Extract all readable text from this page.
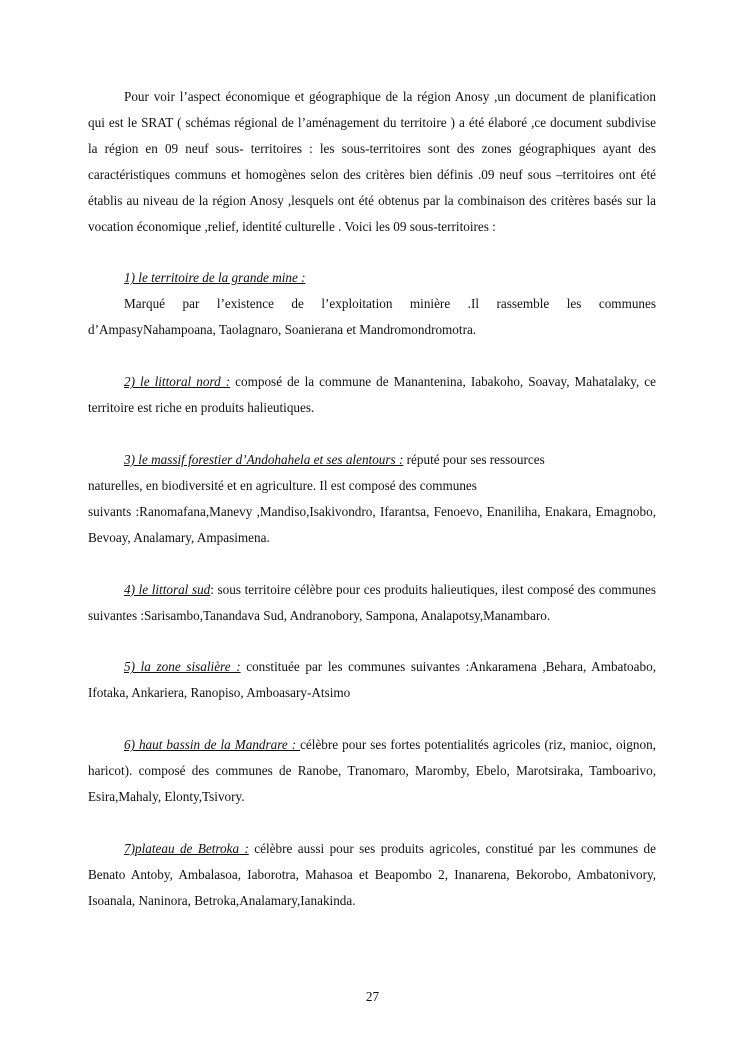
Pour voir l’aspect économique et géographique de la région Anosy ,un document de planification qui est le SRAT ( schémas régional de l’aménagement du territoire ) a été élaboré ,ce document subdivise la région en 09 neuf sous- territoires : les sous-territoires sont des zones géographiques ayant des caractéristiques communs et homogènes selon des critères bien définis .09 neuf sous –territoires ont été établis au niveau de la région Anosy ,lesquels ont été obtenus par la combinaison des critères basés sur la vocation économique ,relief, identité culturelle . Voici les 09 sous-territoires :

1) le territoire de la grande mine :

Marqué par l’existence de l’exploitation minière .Il rassemble les communes d’AmpasyNahampoana, Taolagnaro, Soanierana et Mandromondromotra.

2) le littoral nord : composé de la commune de Manantenina, Iabakoho, Soavay, Mahatalaky, ce territoire est riche en produits halieutiques.

3) le massif forestier d’Andohahela et ses alentours : réputé pour ses ressources

naturelles, en biodiversité et en agriculture. Il est composé des communes

suivants :Ranomafana,Manevy ,Mandiso,Isakivondro, Ifarantsa, Fenoevo, Enaniliha, Enakara, Emagnobo, Bevoay, Analamary, Ampasimena.

4) le littoral sud: sous territoire célèbre pour ces produits halieutiques, ilest composé des communes suivantes :Sarisambo,Tanandava Sud, Andranobory, Sampona, Analapotsy,Manambaro.

5) la zone sisalière : constituée par les communes suivantes :Ankaramena ,Behara, Ambatoabo, Ifotaka, Ankariera, Ranopiso, Amboasary-Atsimo

6) haut bassin de la Mandrare : célèbre pour ses fortes potentialités agricoles (riz, manioc, oignon, haricot). composé des communes de Ranobe, Tranomaro, Maromby, Ebelo, Marotsiraka, Tamboarivo, Esira,Mahaly, Elonty,Tsivory.

7)plateau de Betroka : célèbre aussi pour ses produits agricoles, constitué par les communes de Benato Antoby, Ambalasoa, Iaborotra, Mahasoa et Beapombo 2, Inanarena, Bekorobo, Ambatonivory, Isoanala, Naninora, Betroka,Analamary,Ianakinda.

27
